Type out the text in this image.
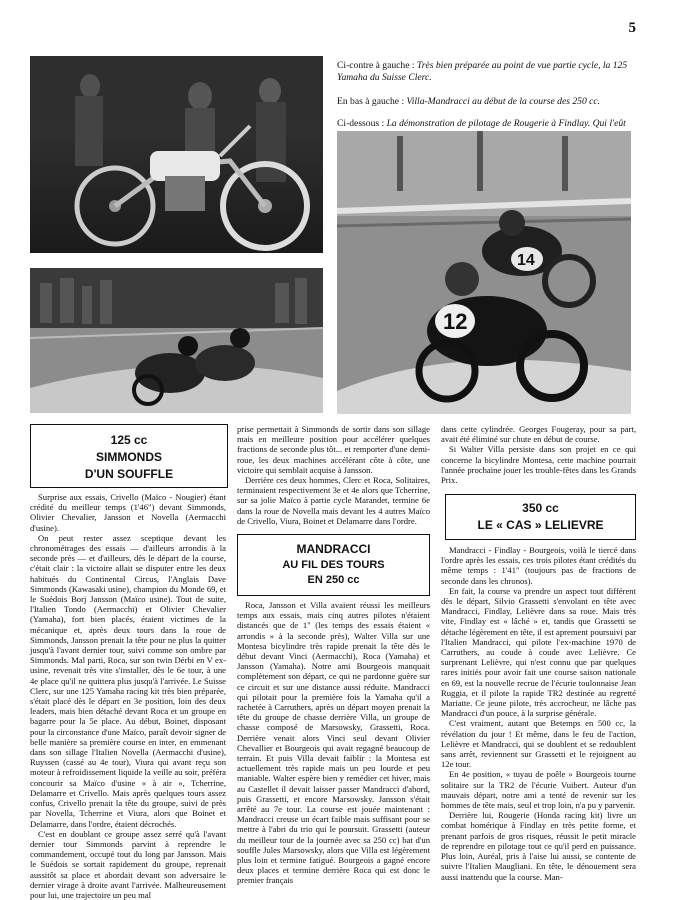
5
Ci-contre à gauche : Très bien préparée au point de vue partie cycle, la 125 Yamaha du Suisse Clerc.
En bas à gauche : Villa-Mandracci au début de la course des 250 cc.
Ci-dessous : La démonstration de pilotage de Rougerie à Findlay. Qui l'eût
14
12
125 cc
SIMMONDS
D'UN SOUFFLE

Surprise aux essais, Crivello (Maïco - Nougier) étant crédité du meilleur temps (1'46") devant Simmonds, Olivier Chevalier, Jansson et Novella (Aermacchi d'usine).

On peut rester assez sceptique devant les chronométrages des essais — d'ailleurs arrondis à la seconde près — et d'ailleurs, dès le départ de la course, c'était clair : la victoire allait se disputer entre les deux habitués du Continental Circus, l'Anglais Dave Simmonds (Kawasaki usine), champion du Monde 69, et le Suédois Borj Jansson (Maïco usine). Tout de suite, l'Italien Tondo (Aermacchi) et Olivier Chevalier (Yamaha), fort bien placés, étaient victimes de la mécanique et, après deux tours dans la roue de Simmonds, Jansson prenait la tête pour ne plus la quitter jusqu'à l'avant dernier tour, suivi comme son ombre par Simmonds. Mal parti, Roca, sur son twin Dérbi en V ex-usine, revenait très vite s'installer, dès le 6e tour, à une 4e place qu'il ne quittera plus jusqu'à l'arrivée. Le Suisse Clerc, sur une 125 Yamaha racing kit très bien préparée, s'était placé dès le départ en 3e position, loin des deux leaders, mais bien détaché devant Roca et un groupe en bagarre pour la 5e place. Au début, Boinet, disposant pour la circonstance d'une Maïco, paraît devoir signer de belle manière sa première course en inter, en emmenant dans son sillage l'Italien Novella (Aermacchi d'usine), Ruyssen (cassé au 4e tour), Viura qui avant reçu son moteur à refroidissement liquide la veille au soir, préféra concourir sa Maïco d'usine « à air », Tcherrine, Delamarre et Crivello. Mais après quelques tours assez confus, Crivello prenait la tête du groupe, suivi de près par Novella, Tcherrine et Viura, alors que Boinet et Delamarre, dans l'ordre, étaient décrochés.

C'est en doublant ce groupe assez serré qu'à l'avant dernier tour Simmonds parvint à reprendre le commandement, occupé tout du long par Jansson. Mais le Suédois se sortait rapidement du groupe, reprenait aussitôt sa place et abordait devant son adversaire le dernier virage à droite avant l'arrivée. Malheureusement pour lui, une trajectoire un peu mal

prise permettait à Simmonds de sortir dans son sillage mais en meilleure position pour accélérer quelques fractions de seconde plus tôt... et remporter d'une demi-roue, les deux machines accélérant côte à côte, une victoire qui semblait acquise à Jansson.

Derrière ces deux hommes, Clerc et Roca, Solitaires, terminaient respectivement 3e et 4e alors que Tcherrine, sur sa jolie Maïco à partie cycle Marandet, termine 6e dans la roue de Novella mais devant les 4 autres Maïco de Crivello, Viura, Boinet et Delamarre dans l'ordre.

MANDRACCI
AU FIL DES TOURS
EN 250 cc

Roca, Jansson et Villa avaient réussi les meilleurs temps aux essais, mais cinq autres pilotes n'étaient distancés que de 1" (les temps des essais étaient « arrondis » à la seconde près), Walter Villa sur une Montesa bicylindre très rapide prenait la tête dès le début devant Vinci (Aermacchi), Roca (Yamaha) et Jansson (Yamaha). Notre ami Bourgeois manquait complètement son départ, ce qui ne pardonne guère sur ce circuit et sur une distance aussi réduite. Mandracci qui pilotait pour la première fois la Yamaha qu'il a rachetée à Carruthers, après un départ moyen prenait la tête du groupe de chasse derrière Villa, un groupe de chasse composé de Marsowsky, Grassetti, Roca. Derrière venait alors Vinci seul devant Olivier Chevallier et Bourgeois qui avait regagné beaucoup de terrain. Et puis Villa devait faiblir : la Montesa est actuellement très rapide mais un peu lourde et peu maniable. Walter espère bien y remédier cet hiver, mais au Castellet il devait laisser passer Mandracci d'abord, puis Grassetti, et encore Marsowsky. Jansson s'était arrêté au 7e tour. La course est jouée maintenant : Mandracci creuse un écart faible mais suffisant pour se mettre à l'abri du trio qui le poursuit. Grassetti (auteur du meilleur tour de la journée avec sa 250 cc) bat d'un souffle Jules Marsowsky, alors que Villa est légèrement plus loin et termine fatigué. Bourgeois a gagné encore deux places et termine derrière Roca qui est donc le premier français

dans cette cylindrée. Georges Fougeray, pour sa part, avait été éliminé sur chute en début de course.

Si Walter Villa persiste dans son projet en ce qui concerne la bicylindre Montesa, cette machine pourrait l'année prochaine jouer les trouble-fêtes dans les Grands Prix.

350 cc
LE « CAS » LELIEVRE

Mandracci - Findlay - Bourgeois, voilà le tiercé dans l'ordre après les essais, ces trois pilotes étant crédités du même temps : 1'41" (toujours pas de fractions de seconde dans les chronos).

En fait, la course va prendre un aspect tout différent dès le départ, Silvio Grassetti s'envolant en tête avec Mandracci, Findlay, Lelièvre dans sa roue. Mais très vite, Findlay est « lâché » et, tandis que Grassetti se détache légèrement en tête, il est aprement poursuivi par l'Italien Mandracci, qui pilote l'ex-machine 1970 de Carruthers, au coude à coude avec Lelièvre. Ce surprenant Lelièvre, qui n'est connu que par quelques rares initiés pour avoir fait une course saison nationale en 69, est la nouvelle recrue de l'écurie toulonnaise Jean Ruggia, et il pilote la rapide TR2 destinée au regretté Mariatte. Ce jeune pilote, très accrocheur, ne lâche pas Mandracci d'un pouce, à la surprise générale.

C'est vraiment, autant que Betemps en 500 cc, la révélation du jour ! Et même, dans le feu de l'action, Lelièvre et Mandracci, qui se doublent et se redoublent sans arrêt, reviennent sur Grassetti et le rejoignent au 12e tour.

En 4e position, « tuyau de poêle » Bourgeois tourne solitaire sur la TR2 de l'écurie Vuibert. Auteur d'un mauvais départ, notre ami a tenté de revenir sur les hommes de tête mais, seul et trop loin, n'a pu y parvenir.

Derrière lui, Rougerie (Honda racing kit) livre un combat homérique à Findlay en très petite forme, et prenant parfois de gros risques, réussit le petit miracle de reprendre en pilotage tout ce qu'il perd en puissance. Plus loin, Auréal, pris à l'aise lui aussi, se contente de suivre l'Italien Maugliani. En tête, le dénouement sera aussi inattendu que la course. Man-
